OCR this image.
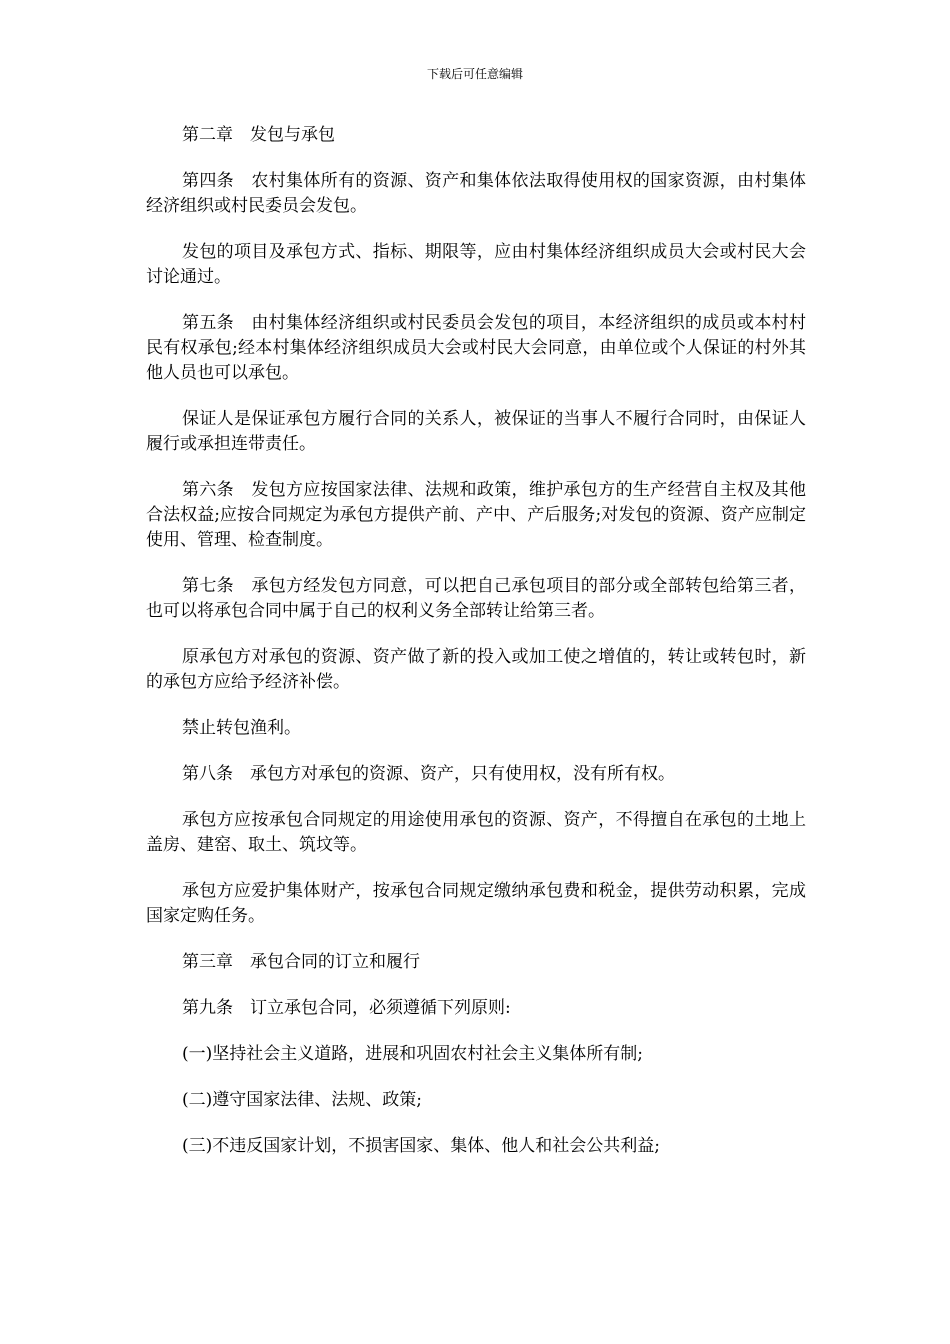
下载后可任意编辑

第二章　发包与承包

第四条　农村集体所有的资源、资产和集体依法取得使用权的国家资源，由村集体经济组织或村民委员会发包。

发包的项目及承包方式、指标、期限等，应由村集体经济组织成员大会或村民大会讨论通过。

第五条　由村集体经济组织或村民委员会发包的项目，本经济组织的成员或本村村民有权承包;经本村集体经济组织成员大会或村民大会同意，由单位或个人保证的村外其他人员也可以承包。

保证人是保证承包方履行合同的关系人，被保证的当事人不履行合同时，由保证人履行或承担连带责任。

第六条　发包方应按国家法律、法规和政策，维护承包方的生产经营自主权及其他合法权益;应按合同规定为承包方提供产前、产中、产后服务;对发包的资源、资产应制定使用、管理、检查制度。

第七条　承包方经发包方同意，可以把自己承包项目的部分或全部转包给第三者，也可以将承包合同中属于自己的权利义务全部转让给第三者。

原承包方对承包的资源、资产做了新的投入或加工使之增值的，转让或转包时，新的承包方应给予经济补偿。

禁止转包渔利。

第八条　承包方对承包的资源、资产，只有使用权，没有所有权。

承包方应按承包合同规定的用途使用承包的资源、资产，不得擅自在承包的土地上盖房、建窑、取土、筑坟等。

承包方应爱护集体财产，按承包合同规定缴纳承包费和税金，提供劳动积累，完成国家定购任务。

第三章　承包合同的订立和履行

第九条　订立承包合同，必须遵循下列原则:

(一)坚持社会主义道路，进展和巩固农村社会主义集体所有制;

(二)遵守国家法律、法规、政策;

(三)不违反国家计划，不损害国家、集体、他人和社会公共利益;
